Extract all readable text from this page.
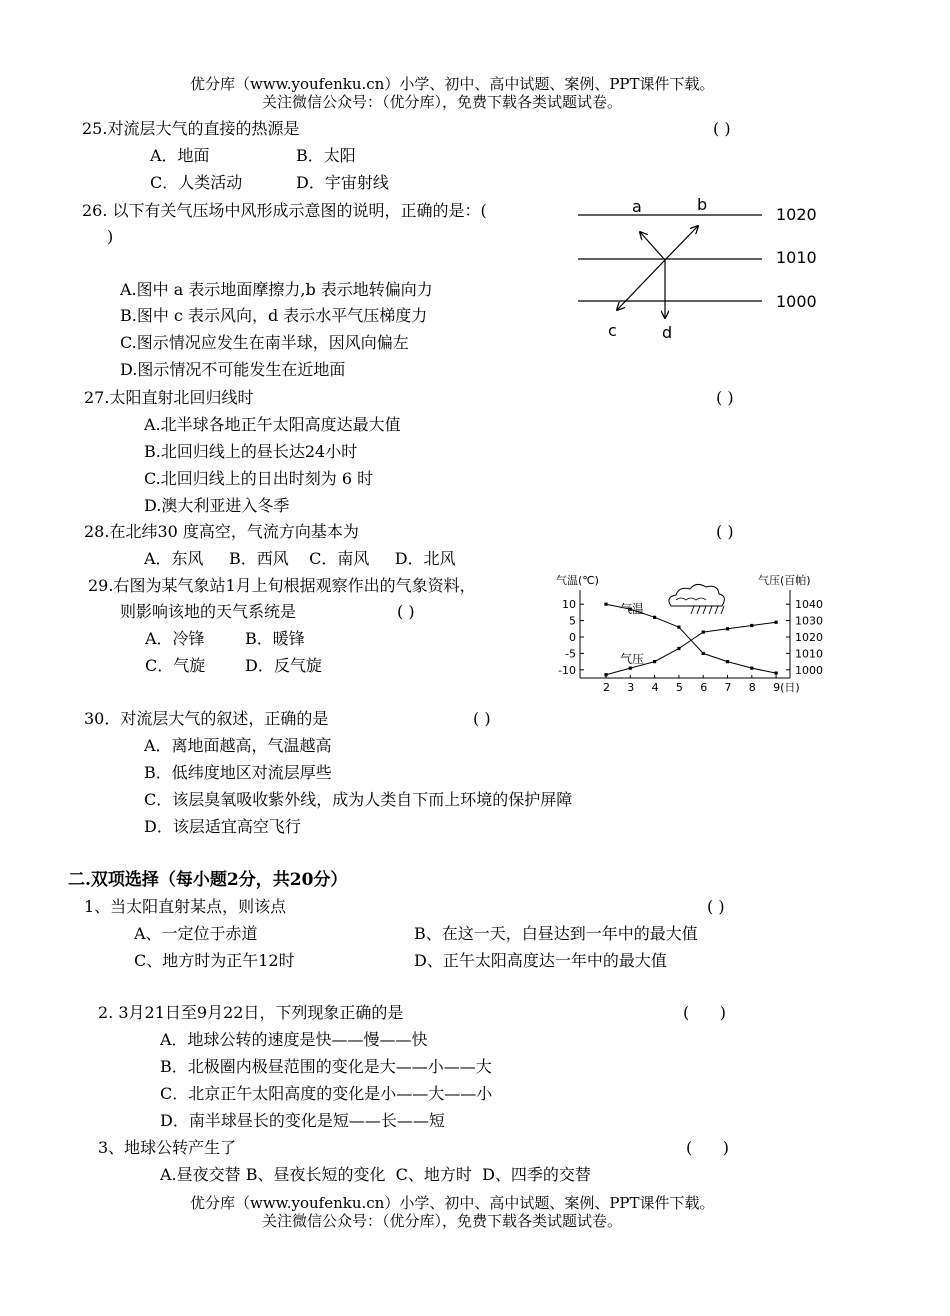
优分库（www.youfenku.cn）小学、初中、高中试题、案例、PPT课件下载。
关注微信公众号：（优分库），免费下载各类试题试卷。
25.对流层大气的直接的热源是	( )
A．地面	B．太阳
C．人类活动	D．宇宙射线
26. 以下有关气压场中风形成示意图的说明，正确的是：(
)
A.图中 a 表示地面摩擦力,b 表示地转偏向力
B.图中 c 表示风向，d 表示水平气压梯度力
C.图示情况应发生在南半球，因风向偏左
D.图示情况不可能发生在近地面
1020
1010
1000
a	b
c	d
27.太阳直射北回归线时	( )
A.北半球各地正午太阳高度达最大值
B.北回归线上的昼长达24小时
C.北回归线上的日出时刻为 6 时
D.澳大利亚进入冬季
28.在北纬30 度高空，气流方向基本为	( )
A．东风     B．西风    C．南风     D．北风
29.右图为某气象站1月上旬根据观察作出的气象资料，
则影响该地的天气系统是	( )
A．冷锋	B．暖锋
C．气旋 D．反气旋
气温(℃)	气压(百帕)
10
5
0
-5
-10
1040
1030
1020
1010
1000
2 3 4 5 6 7 8 9(日)
气温
气压
30．对流层大气的叙述，正确的是	( )
A．离地面越高，气温越高
B．低纬度地区对流层厚些
C．该层臭氧吸收紫外线，成为人类自下而上环境的保护屏障
D．该层适宜高空飞行
二.双项选择（每小题2分，共20分）
1、当太阳直射某点，则该点	( )
A、一定位于赤道	B、在这一天，白昼达到一年中的最大值
C、地方时为正午12时	D、正午太阳高度达一年中的最大值
2. 3月21日至9月22日，下列现象正确的是	(      )
A．地球公转的速度是快——慢——快
B．北极圈内极昼范围的变化是大——小——大
C．北京正午太阳高度的变化是小——大——小
D．南半球昼长的变化是短——长——短
3、地球公转产生了	(      )
A.昼夜交替 B、昼夜长短的变化  C、地方时  D、四季的交替
优分库（www.youfenku.cn）小学、初中、高中试题、案例、PPT课件下载。
关注微信公众号：（优分库），免费下载各类试题试卷。
